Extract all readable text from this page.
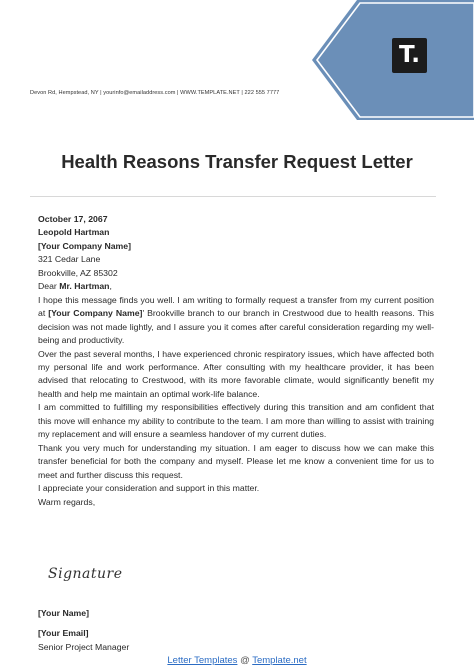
T.
Devon Rd, Hempstead, NY | yourinfo@emailaddress.com | WWW.TEMPLATE.NET | 222 555 7777
Health Reasons Transfer Request Letter
October 17, 2067
Leopold Hartman
[Your Company Name]
321 Cedar Lane
Brookville, AZ 85302
Dear Mr. Hartman,

I hope this message finds you well. I am writing to formally request a transfer from my current position at [Your Company Name]' Brookville branch to our branch in Crestwood due to health reasons. This decision was not made lightly, and I assure you it comes after careful consideration regarding my well-being and productivity.

Over the past several months, I have experienced chronic respiratory issues, which have affected both my personal life and work performance. After consulting with my healthcare provider, it has been advised that relocating to Crestwood, with its more favorable climate, would significantly benefit my health and help me maintain an optimal work-life balance.

I am committed to fulfilling my responsibilities effectively during this transition and am confident that this move will enhance my ability to contribute to the team. I am more than willing to assist with training my replacement and will ensure a seamless handover of my current duties.

Thank you very much for understanding my situation. I am eager to discuss how we can make this transfer beneficial for both the company and myself. Please let me know a convenient time for us to meet and further discuss this request.

I appreciate your consideration and support in this matter.

Warm regards,
Signature
[Your Name]
[Your Email]
Senior Project Manager
Letter Templates @ Template.net
